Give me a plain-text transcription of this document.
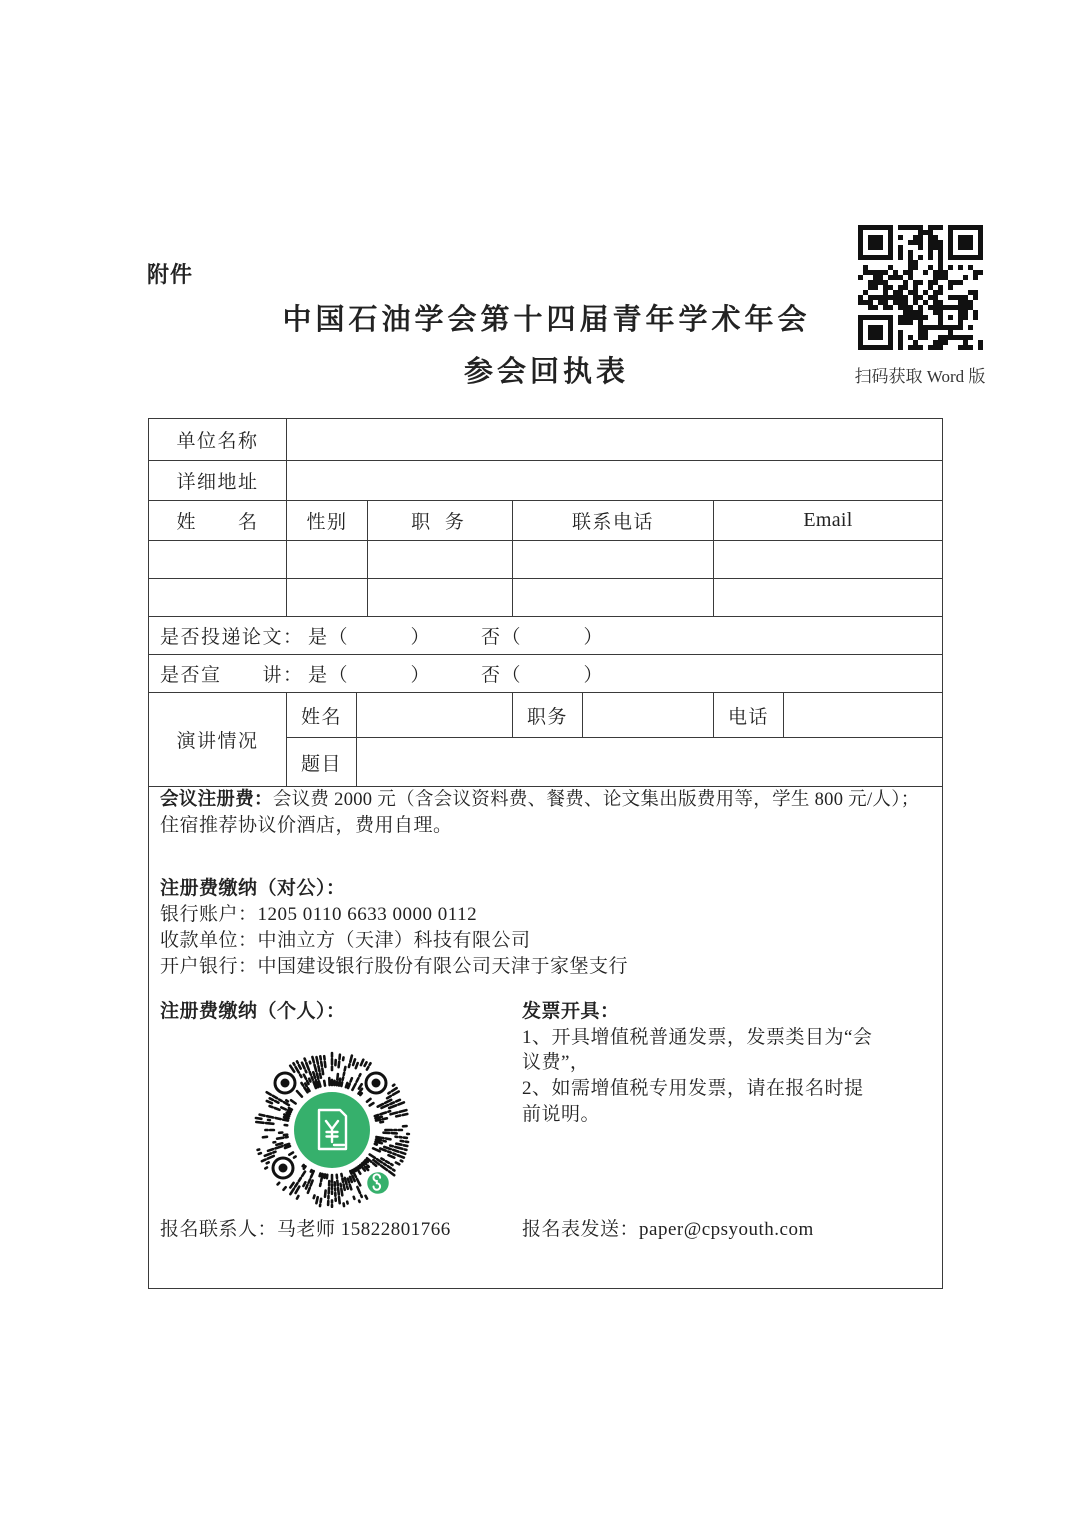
附件
中国石油学会第十四届青年学术年会
参会回执表	扫码获取 Word 版
单位名称
详细地址
姓　　名	性别	职 务	联系电话	Email
是否投递论文： 是（　　　）	否（　　　）
是否宣　　讲： 是（　　　）	否（　　　）
演讲情况
姓名	职务	电话
题目
会议注册费：会议费 2000 元（含会议资料费、餐费、论文集出版费用等，学生 800 元/人）；
住宿推荐协议价酒店，费用自理。
注册费缴纳（对公）：
银行账户：1205 0110 6633 0000 0112
收款单位：中油立方（天津）科技有限公司
开户银行：中国建设银行股份有限公司天津于家堡支行
注册费缴纳（个人）：	发票开具：
1、开具增值税普通发票，发票类目为“会
议费”，
2、如需增值税专用发票，请在报名时提
前说明。
报名联系人：马老师 15822801766	报名表发送：paper@cpsyouth.com
